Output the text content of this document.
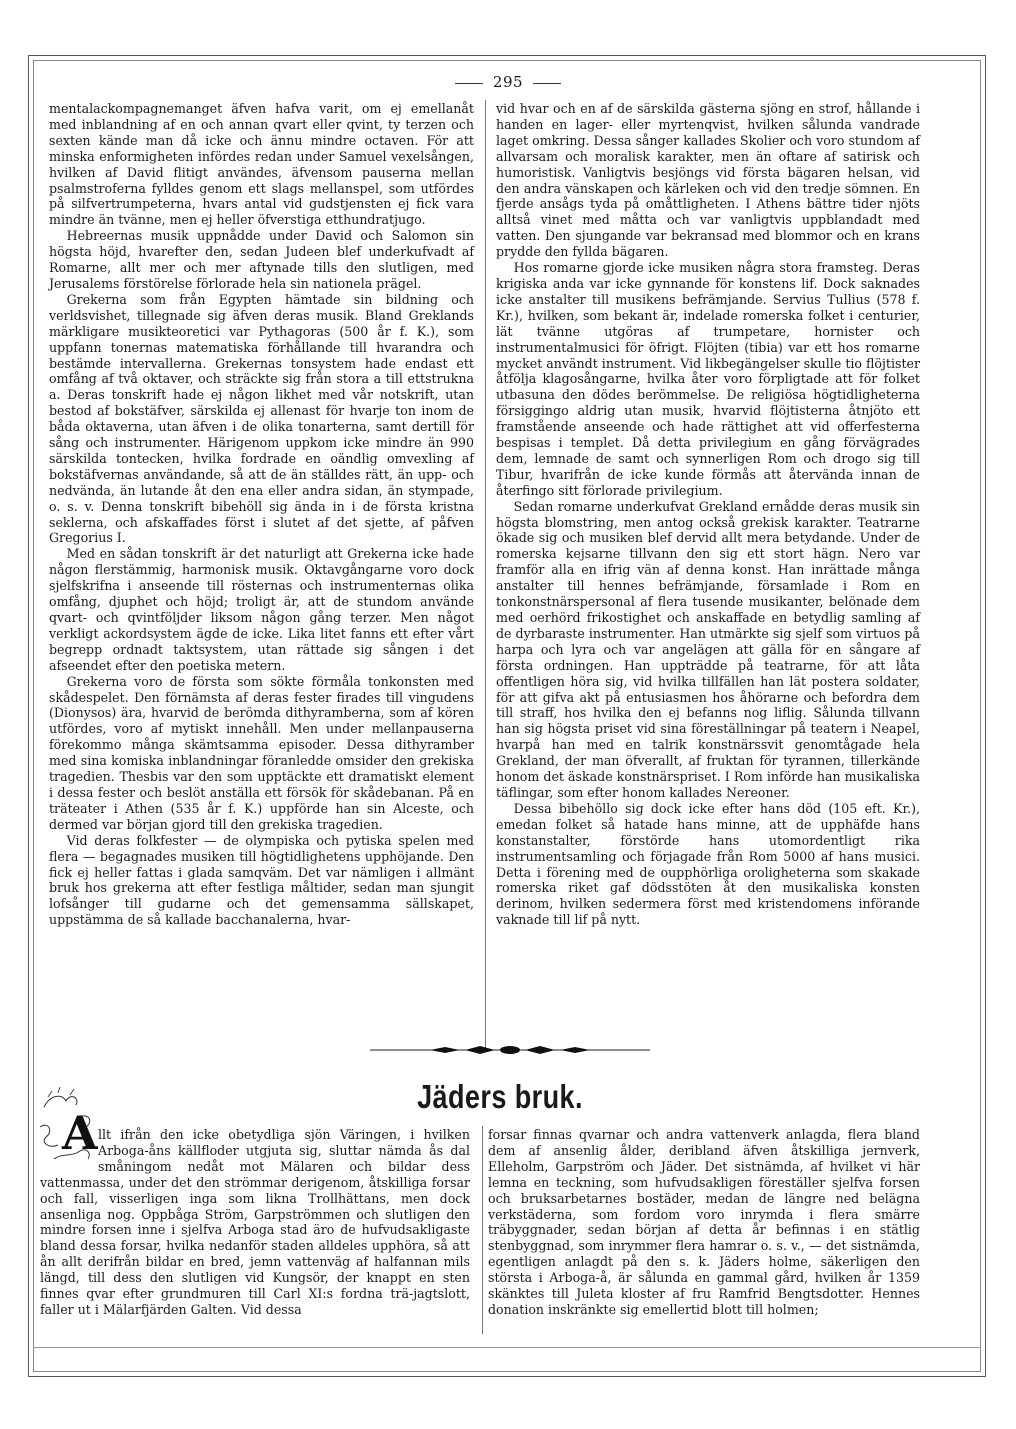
295

mentalackompagnemanget äfven hafva varit, om ej emellanåt med inblandning af en och annan qvart eller qvint, ty terzen och sexten kände man då icke och ännu mindre octaven. För att minska enformigheten infördes redan under Samuel vexelsången, hvilken af David flitigt användes, äfvensom pauserna mellan psalmstroferna fylldes genom ett slags mellanspel, som utfördes på silfvertrumpeterna, hvars antal vid gudstjensten ej fick vara mindre än tvänne, men ej heller öfverstiga etthundratjugo.

Hebreernas musik uppnådde under David och Salomon sin högsta höjd, hvarefter den, sedan Judeen blef underkufvadt af Romarne, allt mer och mer aftynade tills den slutligen, med Jerusalems förstörelse förlorade hela sin nationela prägel.

Grekerna som från Egypten hämtade sin bildning och verldsvishet, tillegnade sig äfven deras musik. Bland Greklands märkligare musikteoretici var Pythagoras (500 år f. K.), som uppfann tonernas matematiska förhållande till hvarandra och bestämde intervallerna. Grekernas tonsystem hade endast ett omfång af två oktaver, och sträckte sig från stora a till ettstrukna a. Deras tonskrift hade ej någon likhet med vår notskrift, utan bestod af bokstäfver, särskilda ej allenast för hvarje ton inom de båda oktaverna, utan äfven i de olika tonarterna, samt dertill för sång och instrumenter. Härigenom uppkom icke mindre än 990 särskilda tontecken, hvilka fordrade en oändlig omvexling af bokstäfvernas användande, så att de än ställdes rätt, än upp- och nedvända, än lutande åt den ena eller andra sidan, än stympade, o. s. v. Denna tonskrift bibehöll sig ända in i de första kristna seklerna, och afskaffades först i slutet af det sjette, af påfven Gregorius I.

Med en sådan tonskrift är det naturligt att Grekerna icke hade någon flerstämmig, harmonisk musik. Oktavgångarne voro dock sjelfskrifna i anseende till rösternas och instrumenternas olika omfång, djuphet och höjd; troligt är, att de stundom använde qvart- och qvintföljder liksom någon gång terzer. Men något verkligt ackordsystem ägde de icke. Lika litet fanns ett efter vårt begrepp ordnadt taktsystem, utan rättade sig sången i det afseendet efter den poetiska metern.

Grekerna voro de första som sökte förmåla tonkonsten med skådespelet. Den förnämsta af deras fester firades till vingudens (Dionysos) ära, hvarvid de berömda dithyramberna, som af kören utfördes, voro af mytiskt innehåll. Men under mellanpauserna förekommo många skämtsamma episoder. Dessa dithyramber med sina komiska inblandningar föranledde omsider den grekiska tragedien. Thesbis var den som upptäckte ett dramatiskt element i dessa fester och beslöt anställa ett försök för skådebanan. På en träteater i Athen (535 år f. K.) uppförde han sin Alceste, och dermed var början gjord till den grekiska tragedien.

Vid deras folkfester — de olympiska och pytiska spelen med flera — begagnades musiken till högtidlighetens upphöjande. Den fick ej heller fattas i glada samqväm. Det var nämligen i allmänt bruk hos grekerna att efter festliga måltider, sedan man sjungit lofsånger till gudarne och det gemensamma sällskapet, uppstämma de så kallade bacchanalerna, hvar-

vid hvar och en af de särskilda gästerna sjöng en strof, hållande i handen en lager- eller myrtenqvist, hvilken sålunda vandrade laget omkring. Dessa sånger kallades Skolier och voro stundom af allvarsam och moralisk karakter, men än oftare af satirisk och humoristisk. Vanligtvis besjöngs vid första bägaren helsan, vid den andra vänskapen och kärleken och vid den tredje sömnen. En fjerde ansågs tyda på omåttligheten. I Athens bättre tider njöts alltså vinet med måtta och var vanligtvis uppblandadt med vatten. Den sjungande var bekransad med blommor och en krans prydde den fyllda bägaren.

Hos romarne gjorde icke musiken några stora framsteg. Deras krigiska anda var icke gynnande för konstens lif. Dock saknades icke anstalter till musikens befrämjande. Servius Tullius (578 f. Kr.), hvilken, som bekant är, indelade romerska folket i centurier, lät tvänne utgöras af trumpetare, hornister och instrumentalmusici för öfrigt. Flöjten (tibia) var ett hos romarne mycket användt instrument. Vid likbegängelser skulle tio flöjtister åtfölja klagosångarne, hvilka åter voro förpligtade att för folket utbasuna den dödes berömmelse. De religiösa högtidligheterna försiggingo aldrig utan musik, hvarvid flöjtisterna åtnjöto ett framstående anseende och hade rättighet att vid offerfesterna bespisas i templet. Då detta privilegium en gång förvägrades dem, lemnade de samt och synnerligen Rom och drogo sig till Tibur, hvarifrån de icke kunde förmås att återvända innan de återfingo sitt förlorade privilegium.

Sedan romarne underkufvat Grekland ernådde deras musik sin högsta blomstring, men antog också grekisk karakter. Teatrarne ökade sig och musiken blef dervid allt mera betydande. Under de romerska kejsarne tillvann den sig ett stort hägn. Nero var framför alla en ifrig vän af denna konst. Han inrättade många anstalter till hennes befrämjande, församlade i Rom en tonkonstnärspersonal af flera tusende musikanter, belönade dem med oerhörd frikostighet och anskaffade en betydlig samling af de dyrbaraste instrumenter. Han utmärkte sig sjelf som virtuos på harpa och lyra och var angelägen att gälla för en sångare af första ordningen. Han uppträdde på teatrarne, för att låta offentligen höra sig, vid hvilka tillfällen han lät postera soldater, för att gifva akt på entusiasmen hos åhörarne och befordra dem till straff, hos hvilka den ej befanns nog liflig. Sålunda tillvann han sig högsta priset vid sina föreställningar på teatern i Neapel, hvarpå han med en talrik konstnärssvit genomtågade hela Grekland, der man öfverallt, af fruktan för tyrannen, tillerkände honom det äskade konstnärspriset. I Rom införde han musikaliska täflingar, som efter honom kallades Nereoner.

Dessa bibehöllo sig dock icke efter hans död (105 eft. Kr.), emedan folket så hatade hans minne, att de upphäfde hans konstanstalter, förstörde hans utomordentligt rika instrumentsamling och förjagade från Rom 5000 af hans musici. Detta i förening med de oupphörliga oroligheterna som skakade romerska riket gaf dödsstöten åt den musikaliska konsten derinom, hvilken sedermera först med kristendomens införande vaknade till lif på nytt.

Jäders bruk.
A llt ifrån den icke obetydliga sjön Väringen, i hvilken Arboga-åns källfloder utgjuta sig, sluttar nämda ås dal småningom nedåt mot Mälaren och bildar dess vattenmassa, under det den strömmar derigenom, åtskilliga forsar och fall, visserligen inga som likna Trollhättans, men dock ansenliga nog. Oppbåga Ström, Garpströmmen och slutligen den mindre forsen inne i sjelfva Arboga stad äro de hufvudsakligaste bland dessa forsar, hvilka nedanför staden alldeles upphöra, så att ån allt derifrån bildar en bred, jemn vattenväg af halfannan mils längd, till dess den slutligen vid Kungsör, der knappt en sten finnes qvar efter grundmuren till Carl XI:s fordna trä-jagtslott, faller ut i Mälarfjärden Galten. Vid dessa

forsar finnas qvarnar och andra vattenverk anlagda, flera bland dem af ansenlig ålder, deribland äfven åtskilliga jernverk, Elleholm, Garpström och Jäder. Det sistnämda, af hvilket vi här lemna en teckning, som hufvudsakligen föreställer sjelfva forsen och bruksarbetarnes bostäder, medan de längre ned belägna verkstäderna, som fordom voro inrymda i flera smärre träbyggnader, sedan början af detta år befinnas i en stätlig stenbyggnad, som inrymmer flera hamrar o. s. v., — det sistnämda, egentligen anlagdt på den s. k. Jäders holme, säkerligen den största i Arboga-å, är sålunda en gammal gård, hvilken år 1359 skänktes till Juleta kloster af fru Ramfrid Bengtsdotter. Hennes donation inskränkte sig emellertid blott till holmen;
